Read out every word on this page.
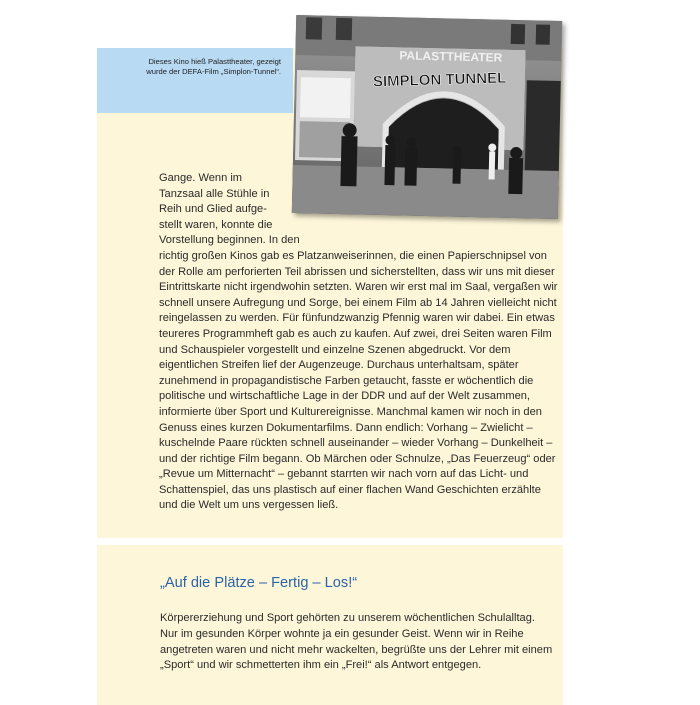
Dieses Kino hieß Palasttheater, gezeigt wurde der DEFA-Film „Simplon-Tunnel“.
PALASTTHEATER
SIMPLON TUNNEL
Gange. Wenn im
Tanzsaal alle Stühle in
Reih und Glied aufge-
stellt waren, konnte die
Vorstellung beginnen. In den
richtig großen Kinos gab es Platzanweiserinnen, die einen Papierschnipsel von der Rolle am perforierten Teil abrissen und sicherstellten, dass wir uns mit dieser Eintrittskarte nicht irgendwohin setzten. Waren wir erst mal im Saal, vergaßen wir schnell unsere Aufregung und Sorge, bei einem Film ab 14 Jahren vielleicht nicht reingelassen zu werden. Für fünfundzwanzig Pfennig waren wir dabei. Ein etwas teureres Programmheft gab es auch zu kaufen. Auf zwei, drei Seiten waren Film und Schauspieler vorgestellt und einzelne Szenen abgedruckt. Vor dem eigentlichen Streifen lief der Augenzeuge. Durchaus unterhaltsam, später zunehmend in propagandistische Farben getaucht, fasste er wöchentlich die politische und wirtschaftliche Lage in der DDR und auf der Welt zusammen, informierte über Sport und Kulturereignisse. Manchmal kamen wir noch in den Genuss eines kurzen Dokumentarfilms. Dann endlich: Vorhang – Zwielicht – kuschelnde Paare rückten schnell auseinander – wieder Vorhang – Dunkelheit – und der richtige Film begann. Ob Märchen oder Schnulze, „Das Feuerzeug“ oder „Revue um Mitternacht“ – gebannt starrten wir nach vorn auf das Licht- und Schattenspiel, das uns plastisch auf einer flachen Wand Geschichten erzählte und die Welt um uns vergessen ließ.
„Auf die Plätze – Fertig – Los!“
Körpererziehung und Sport gehörten zu unserem wöchentlichen Schulalltag. Nur im gesunden Körper wohnte ja ein gesunder Geist. Wenn wir in Reihe angetreten waren und nicht mehr wackelten, begrüßte uns der Lehrer mit einem „Sport“ und wir schmetterten ihm ein „Frei!“ als Antwort entgegen.
